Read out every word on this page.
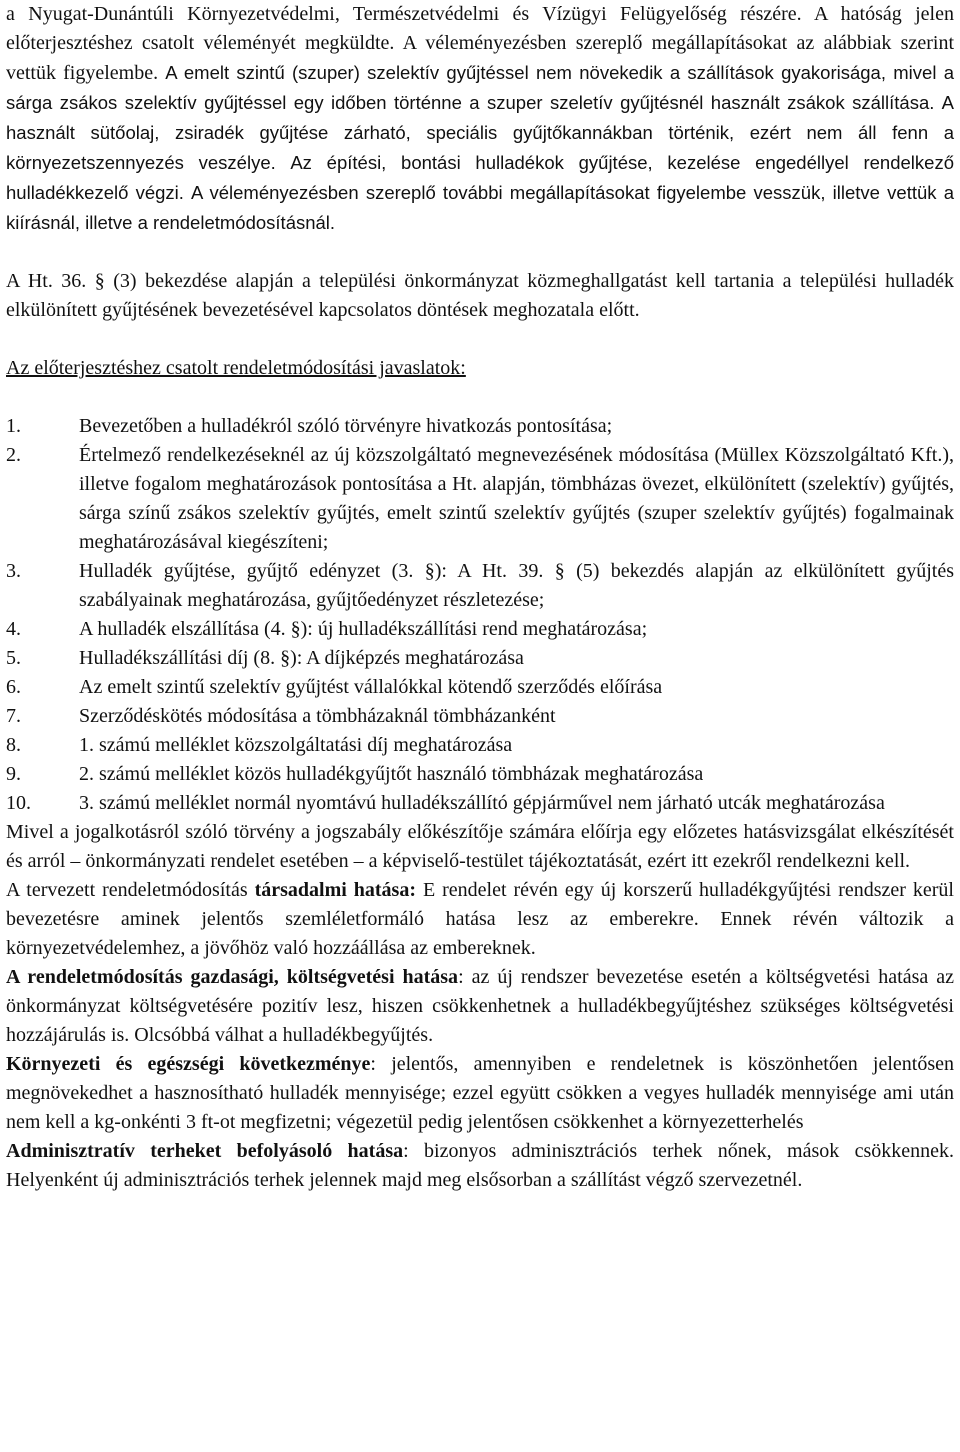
a Nyugat-Dunántúli Környezetvédelmi, Természetvédelmi és Vízügyi Felügyelőség részére. A hatóság jelen előterjesztéshez csatolt véleményét megküldte. A véleményezésben szereplő megállapításokat az alábbiak szerint vettük figyelembe. A emelt szintű (szuper) szelektív gyűjtéssel nem növekedik a szállítások gyakorisága, mivel a sárga zsákos szelektív gyűjtéssel egy időben történne a szuper szeletív gyűjtésnél használt zsákok szállítása. A használt sütőolaj, zsiradék gyűjtése zárható, speciális gyűjtőkannákban történik, ezért nem áll fenn a környezetszennyezés veszélye. Az építési, bontási hulladékok gyűjtése, kezelése engedéllyel rendelkező hulladékkezelő végzi. A véleményezésben szereplő további megállapításokat figyelembe vesszük, illetve vettük a kiírásnál, illetve a rendeletmódosításnál.

A Ht. 36. § (3) bekezdése alapján a települési önkormányzat közmeghallgatást kell tartania a települési hulladék elkülönített gyűjtésének bevezetésével kapcsolatos döntések meghozatala előtt.

Az előterjesztéshez csatolt rendeletmódosítási javaslatok:

1.	Bevezetőben a hulladékról szóló törvényre hivatkozás pontosítása;
2.	Értelmező rendelkezéseknél az új közszolgáltató megnevezésének módosítása (Müllex Közszolgáltató Kft.), illetve fogalom meghatározások pontosítása a Ht. alapján, tömbházas övezet, elkülönített (szelektív) gyűjtés, sárga színű zsákos szelektív gyűjtés, emelt szintű szelektív gyűjtés (szuper szelektív gyűjtés) fogalmainak meghatározásával kiegészíteni;
3.	Hulladék gyűjtése, gyűjtő edényzet (3. §): A Ht. 39. § (5) bekezdés alapján az elkülönített gyűjtés szabályainak meghatározása, gyűjtőedényzet részletezése;
4.	A hulladék elszállítása (4. §): új hulladékszállítási rend meghatározása;
5.	Hulladékszállítási díj (8. §): A díjképzés meghatározása
6.	Az emelt szintű szelektív gyűjtést vállalókkal kötendő szerződés előírása
7.	Szerződéskötés módosítása a tömbházaknál tömbházanként
8.	1. számú melléklet közszolgáltatási díj meghatározása
9.	2. számú melléklet közös hulladékgyűjtőt használó tömbházak meghatározása
10. 3. számú melléklet normál nyomtávú hulladékszállító gépjárművel nem járható utcák meghatározása

Mivel a jogalkotásról szóló törvény a jogszabály előkészítője számára előírja egy előzetes hatásvizsgálat elkészítését és arról – önkormányzati rendelet esetében – a képviselő-testület tájékoztatását, ezért itt ezekről rendelkezni kell.

A tervezett rendeletmódosítás társadalmi hatása: E rendelet révén egy új korszerű hulladékgyűjtési rendszer kerül bevezetésre aminek jelentős szemléletformáló hatása lesz az emberekre. Ennek révén változik a környezetvédelemhez, a jövőhöz való hozzáállása az embereknek.

A rendeletmódosítás gazdasági, költségvetési hatása: az új rendszer bevezetése esetén a költségvetési hatása az önkormányzat költségvetésére pozitív lesz, hiszen csökkenhetnek a hulladékbegyűjtéshez szükséges költségvetési hozzájárulás is. Olcsóbbá válhat a hulladékbegyűjtés.

Környezeti és egészségi következménye: jelentős, amennyiben e rendeletnek is köszönhetően jelentősen megnövekedhet a hasznosítható hulladék mennyisége; ezzel együtt csökken a vegyes hulladék mennyisége ami után nem kell a kg-onkénti 3 ft-ot megfizetni; végezetül pedig jelentősen csökkenhet a környezetterhelés

Adminisztratív terheket befolyásoló hatása: bizonyos adminisztrációs terhek nőnek, mások csökkennek. Helyenként új adminisztrációs terhek jelennek majd meg elsősorban a szállítást végző szervezetnél.
